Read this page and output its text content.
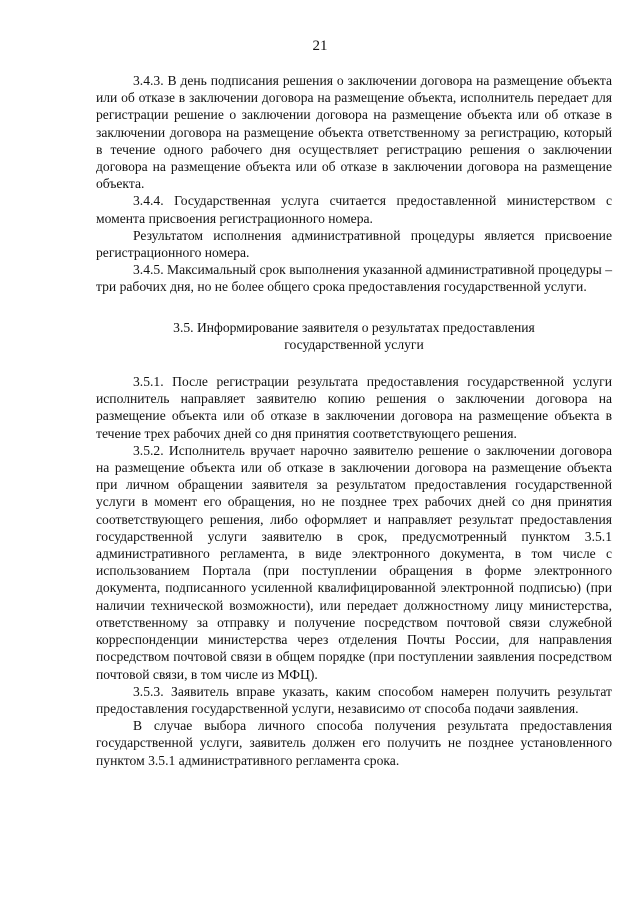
21

3.4.3. В день подписания решения о заключении договора на размещение объекта или об отказе в заключении договора на размещение объекта, исполнитель передает для регистрации решение о заключении договора на размещение объекта или об отказе в заключении договора на размещение объекта ответственному за регистрацию, который в течение одного рабочего дня осуществляет регистрацию решения о заключении договора на размещение объекта или об отказе в заключении договора на размещение объекта.

3.4.4. Государственная услуга считается предоставленной министерством с момента присвоения регистрационного номера.

Результатом исполнения административной процедуры является присвоение регистрационного номера.

3.4.5. Максимальный срок выполнения указанной административной процедуры – три рабочих дня, но не более общего срока предоставления государственной услуги.

3.5. Информирование заявителя о результатах предоставления
государственной услуги

3.5.1. После регистрации результата предоставления государственной услуги исполнитель направляет заявителю копию решения о заключении договора на размещение объекта или об отказе в заключении договора на размещение объекта в течение трех рабочих дней со дня принятия соответствующего решения.

3.5.2. Исполнитель вручает нарочно заявителю решение о заключении договора на размещение объекта или об отказе в заключении договора на размещение объекта при личном обращении заявителя за результатом предоставления государственной услуги в момент его обращения, но не позднее трех рабочих дней со дня принятия соответствующего решения, либо оформляет и направляет результат предоставления государственной услуги заявителю в срок, предусмотренный пунктом 3.5.1 административного регламента, в виде электронного документа, в том числе с использованием Портала (при поступлении обращения в форме электронного документа, подписанного усиленной квалифицированной электронной подписью) (при наличии технической возможности), или передает должностному лицу министерства, ответственному за отправку и получение посредством почтовой связи служебной корреспонденции министерства через отделения Почты России, для направления посредством почтовой связи в общем порядке (при поступлении заявления посредством почтовой связи, в том числе из МФЦ).

3.5.3. Заявитель вправе указать, каким способом намерен получить результат предоставления государственной услуги, независимо от способа подачи заявления.

В случае выбора личного способа получения результата предоставления государственной услуги, заявитель должен его получить не позднее установленного пунктом 3.5.1 административного регламента срока.
